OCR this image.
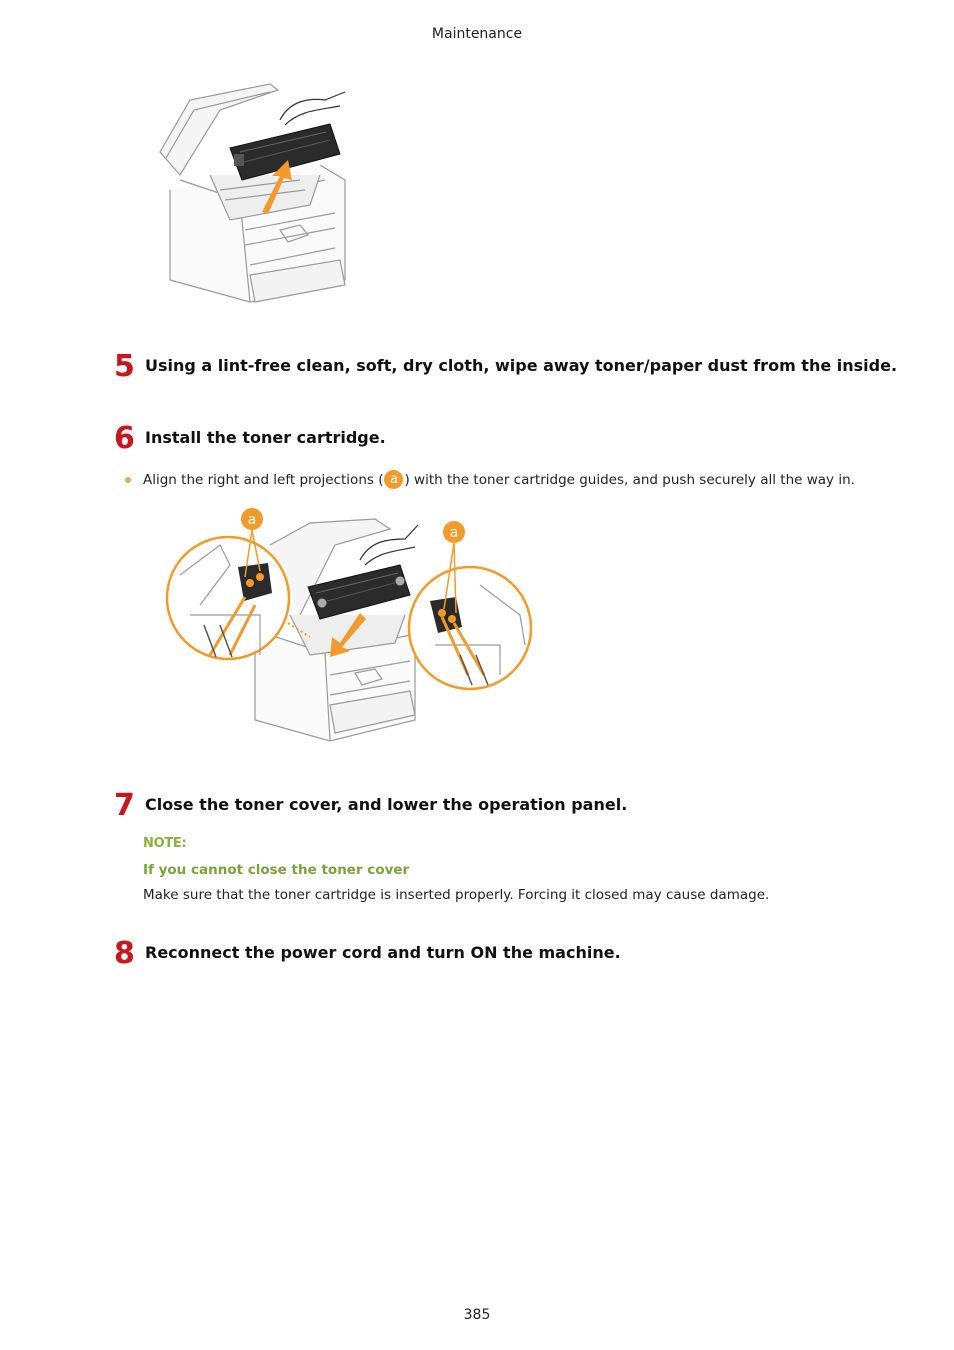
Maintenance
5 Using a lint-free clean, soft, dry cloth, wipe away toner/paper dust from the inside.
6 Install the toner cartridge.
Align the right and left projections ( a ) with the toner cartridge guides, and push securely all the way in.
a
a
7 Close the toner cover, and lower the operation panel.
NOTE:
If you cannot close the toner cover
Make sure that the toner cartridge is inserted properly. Forcing it closed may cause damage.
8 Reconnect the power cord and turn ON the machine.
385
